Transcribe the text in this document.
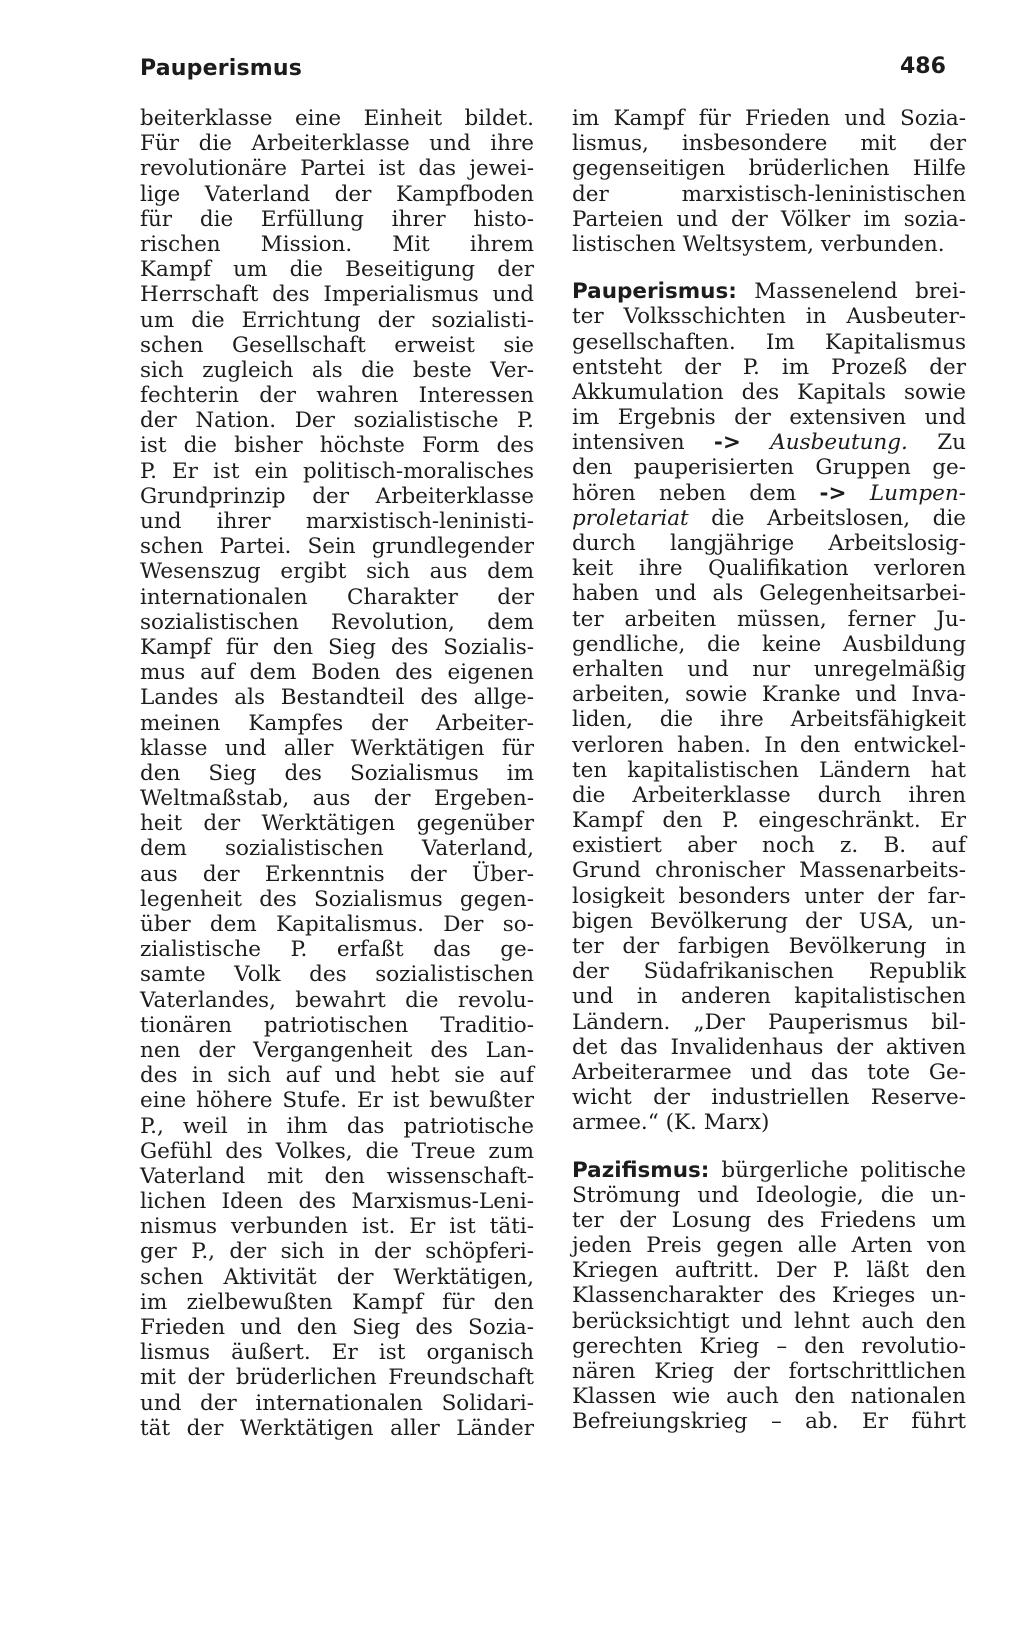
Pauperismus	486
beiterklasse eine Einheit bildet.
Für die Arbeiterklasse und ihre
revolutionäre Partei ist das jewei-
lige Vaterland der Kampfboden
für die Erfüllung ihrer histo-
rischen Mission. Mit ihrem
Kampf um die Beseitigung der
Herrschaft des Imperialismus und
um die Errichtung der sozialisti-
schen Gesellschaft erweist sie
sich zugleich als die beste Ver-
fechterin der wahren Interessen
der Nation. Der sozialistische P.
ist die bisher höchste Form des
P. Er ist ein politisch-moralisches
Grundprinzip der Arbeiterklasse
und ihrer marxistisch-leninisti-
schen Partei. Sein grundlegender
Wesenszug ergibt sich aus dem
internationalen Charakter der
sozialistischen Revolution, dem
Kampf für den Sieg des Sozialis-
mus auf dem Boden des eigenen
Landes als Bestandteil des allge-
meinen Kampfes der Arbeiter-
klasse und aller Werktätigen für
den Sieg des Sozialismus im
Weltmaßstab, aus der Ergeben-
heit der Werktätigen gegenüber
dem sozialistischen Vaterland,
aus der Erkenntnis der Über-
legenheit des Sozialismus gegen-
über dem Kapitalismus. Der so-
zialistische P. erfaßt das ge-
samte Volk des sozialistischen
Vaterlandes, bewahrt die revolu-
tionären patriotischen Traditio-
nen der Vergangenheit des Lan-
des in sich auf und hebt sie auf
eine höhere Stufe. Er ist bewußter
P., weil in ihm das patriotische
Gefühl des Volkes, die Treue zum
Vaterland mit den wissenschaft-
lichen Ideen des Marxismus-Leni-
nismus verbunden ist. Er ist täti-
ger P., der sich in der schöpferi-
schen Aktivität der Werktätigen,
im zielbewußten Kampf für den
Frieden und den Sieg des Sozia-
lismus äußert. Er ist organisch
mit der brüderlichen Freundschaft
und der internationalen Solidari-
tät der Werktätigen aller Länder
im Kampf für Frieden und Sozia-
lismus, insbesondere mit der
gegenseitigen brüderlichen Hilfe
der marxistisch-leninistischen
Parteien und der Völker im sozia-
listischen Weltsystem, verbunden.
Pauperismus: Massenelend brei-
ter Volksschichten in Ausbeuter-
gesellschaften. Im Kapitalismus
entsteht der P. im Prozeß der
Akkumulation des Kapitals sowie
im Ergebnis der extensiven und
intensiven -> Ausbeutung. Zu
den pauperisierten Gruppen ge-
hören neben dem -> Lumpen-
proletariat die Arbeitslosen, die
durch langjährige Arbeitslosig-
keit ihre Qualifikation verloren
haben und als Gelegenheitsarbei-
ter arbeiten müssen, ferner Ju-
gendliche, die keine Ausbildung
erhalten und nur unregelmäßig
arbeiten, sowie Kranke und Inva-
liden, die ihre Arbeitsfähigkeit
verloren haben. In den entwickel-
ten kapitalistischen Ländern hat
die Arbeiterklasse durch ihren
Kampf den P. eingeschränkt. Er
existiert aber noch z. B. auf
Grund chronischer Massenarbeits-
losigkeit besonders unter der far-
bigen Bevölkerung der USA, un-
ter der farbigen Bevölkerung in
der Südafrikanischen Republik
und in anderen kapitalistischen
Ländern. „Der Pauperismus bil-
det das Invalidenhaus der aktiven
Arbeiterarmee und das tote Ge-
wicht der industriellen Reserve-
armee.“ (K. Marx)
Pazifismus: bürgerliche politische
Strömung und Ideologie, die un-
ter der Losung des Friedens um
jeden Preis gegen alle Arten von
Kriegen auftritt. Der P. läßt den
Klassencharakter des Krieges un-
berücksichtigt und lehnt auch den
gerechten Krieg – den revolutio-
nären Krieg der fortschrittlichen
Klassen wie auch den nationalen
Befreiungskrieg – ab. Er führt
